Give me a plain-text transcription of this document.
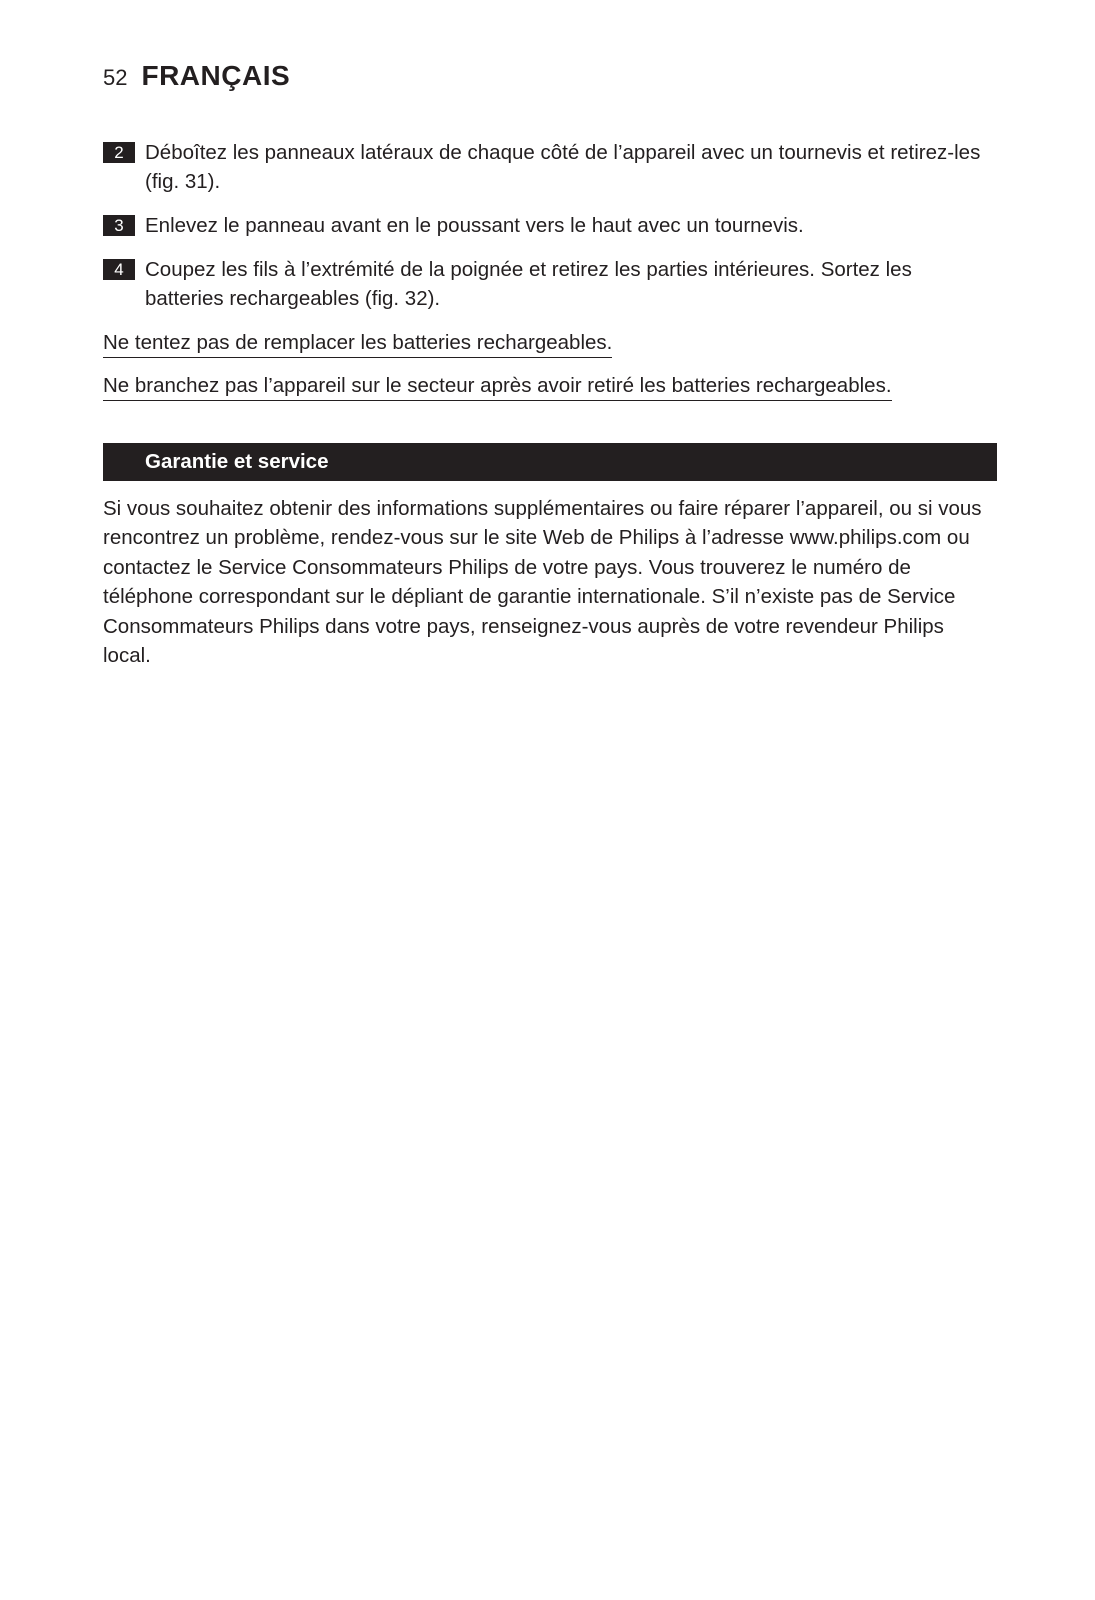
52 FRANÇAIS
2	Déboîtez les panneaux latéraux de chaque côté de l’appareil avec un tournevis et retirez-les (fig. 31).
3	Enlevez le panneau avant en le poussant vers le haut avec un tournevis.
4	Coupez les fils à l’extrémité de la poignée et retirez les parties intérieures. Sortez les batteries rechargeables (fig. 32).
Ne tentez pas de remplacer les batteries rechargeables.
Ne branchez pas l’appareil sur le secteur après avoir retiré les batteries rechargeables.
Garantie et service
Si vous souhaitez obtenir des informations supplémentaires ou faire réparer l’appareil, ou si vous rencontrez un problème, rendez-vous sur le site Web de Philips à l’adresse www.philips.com ou contactez le Service Consommateurs Philips de votre pays. Vous trouverez le numéro de téléphone correspondant sur le dépliant de garantie internationale. S’il n’existe pas de Service Consommateurs Philips dans votre pays, renseignez-vous auprès de votre revendeur Philips local.
